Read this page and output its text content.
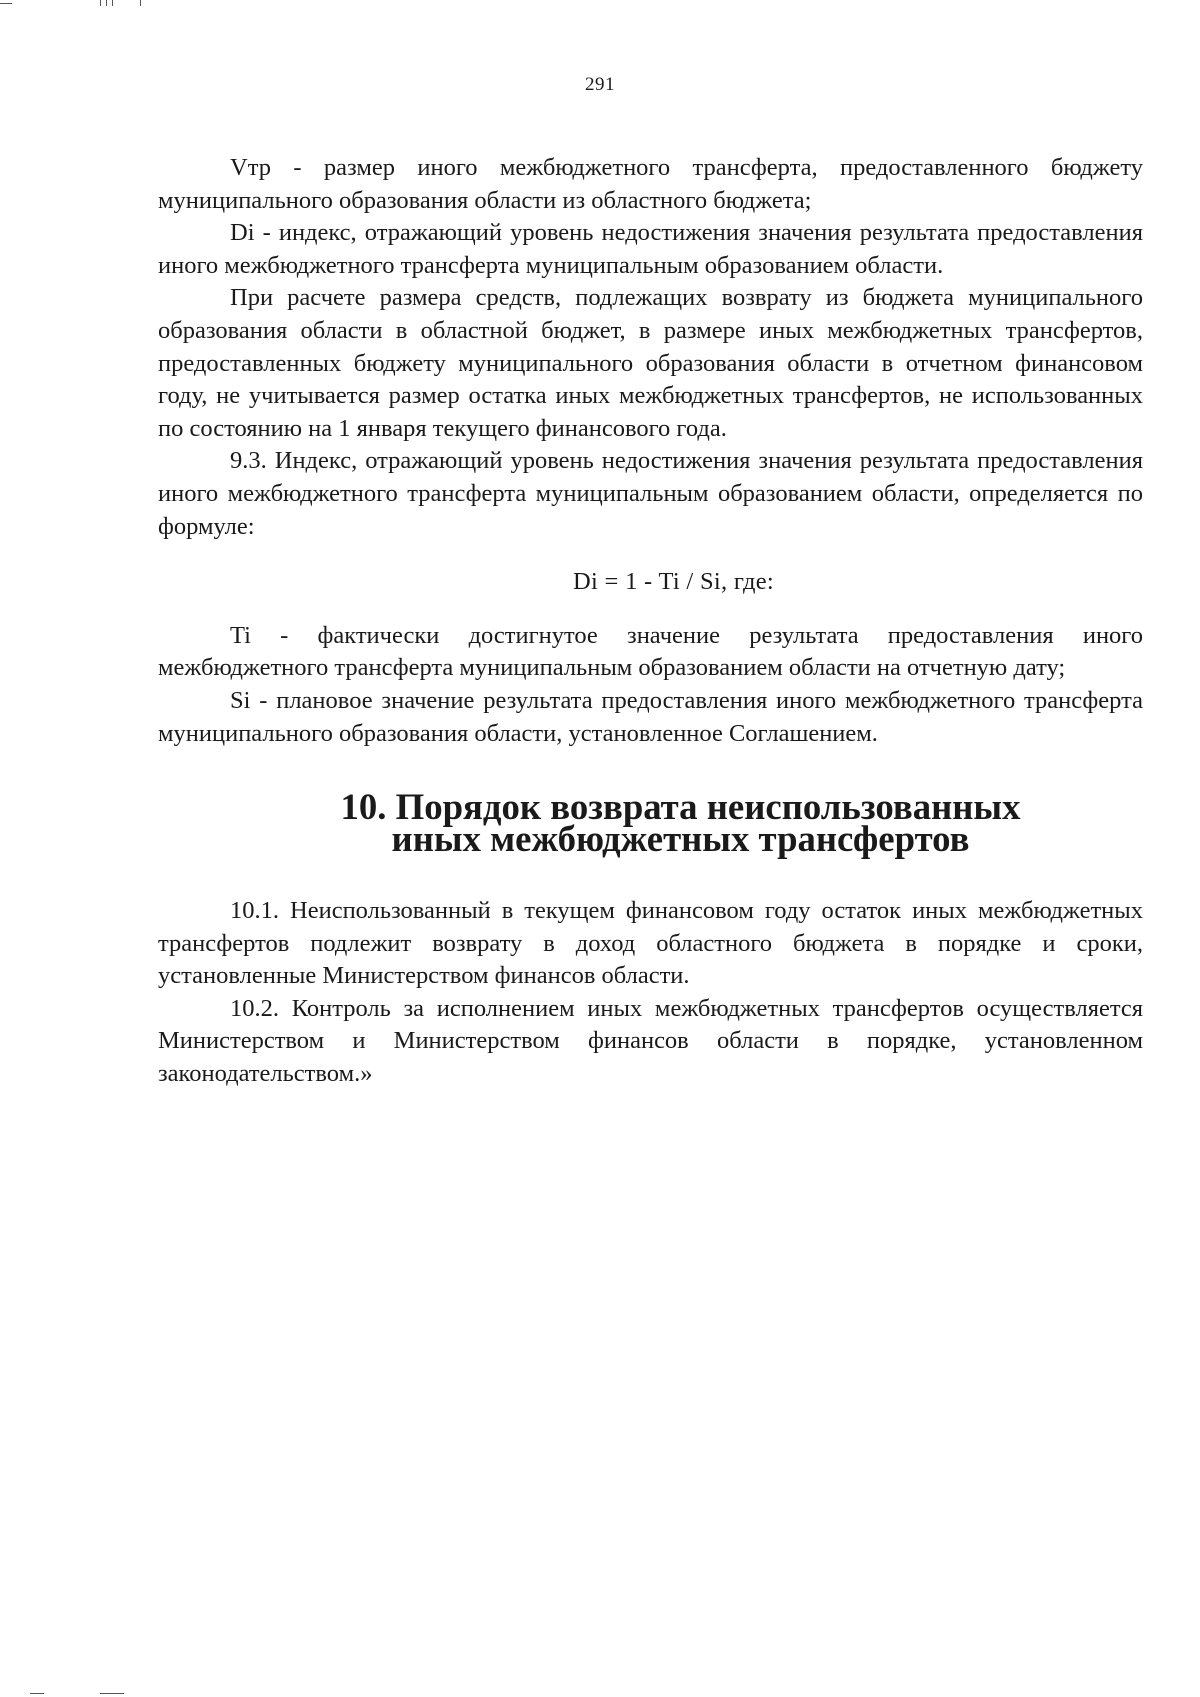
291

Vтр - размер иного межбюджетного трансферта, предоставленного бюджету муниципального образования области из областного бюджета;

Di - индекс, отражающий уровень недостижения значения результата предоставления иного межбюджетного трансферта муниципальным образованием области.

При расчете размера средств, подлежащих возврату из бюджета муниципального образования области в областной бюджет, в размере иных межбюджетных трансфертов, предоставленных бюджету муниципального образования области в отчетном финансовом году, не учитывается размер остатка иных межбюджетных трансфертов, не использованных по состоянию на 1 января текущего финансового года.

9.3. Индекс, отражающий уровень недостижения значения результата предоставления иного межбюджетного трансферта муниципальным образованием области, определяется по формуле:

Di = 1 - Ti / Si, где:

Ti - фактически достигнутое значение результата предоставления иного межбюджетного трансферта муниципальным образованием области на отчетную дату;

Si - плановое значение результата предоставления иного межбюджетного трансферта муниципального образования области, установленное Соглашением.

10. Порядок возврата неиспользованных
иных межбюджетных трансфертов

10.1. Неиспользованный в текущем финансовом году остаток иных межбюджетных трансфертов подлежит возврату в доход областного бюджета в порядке и сроки, установленные Министерством финансов области.

10.2. Контроль за исполнением иных межбюджетных трансфертов осуществляется Министерством и Министерством финансов области в порядке, установленном законодательством.»
